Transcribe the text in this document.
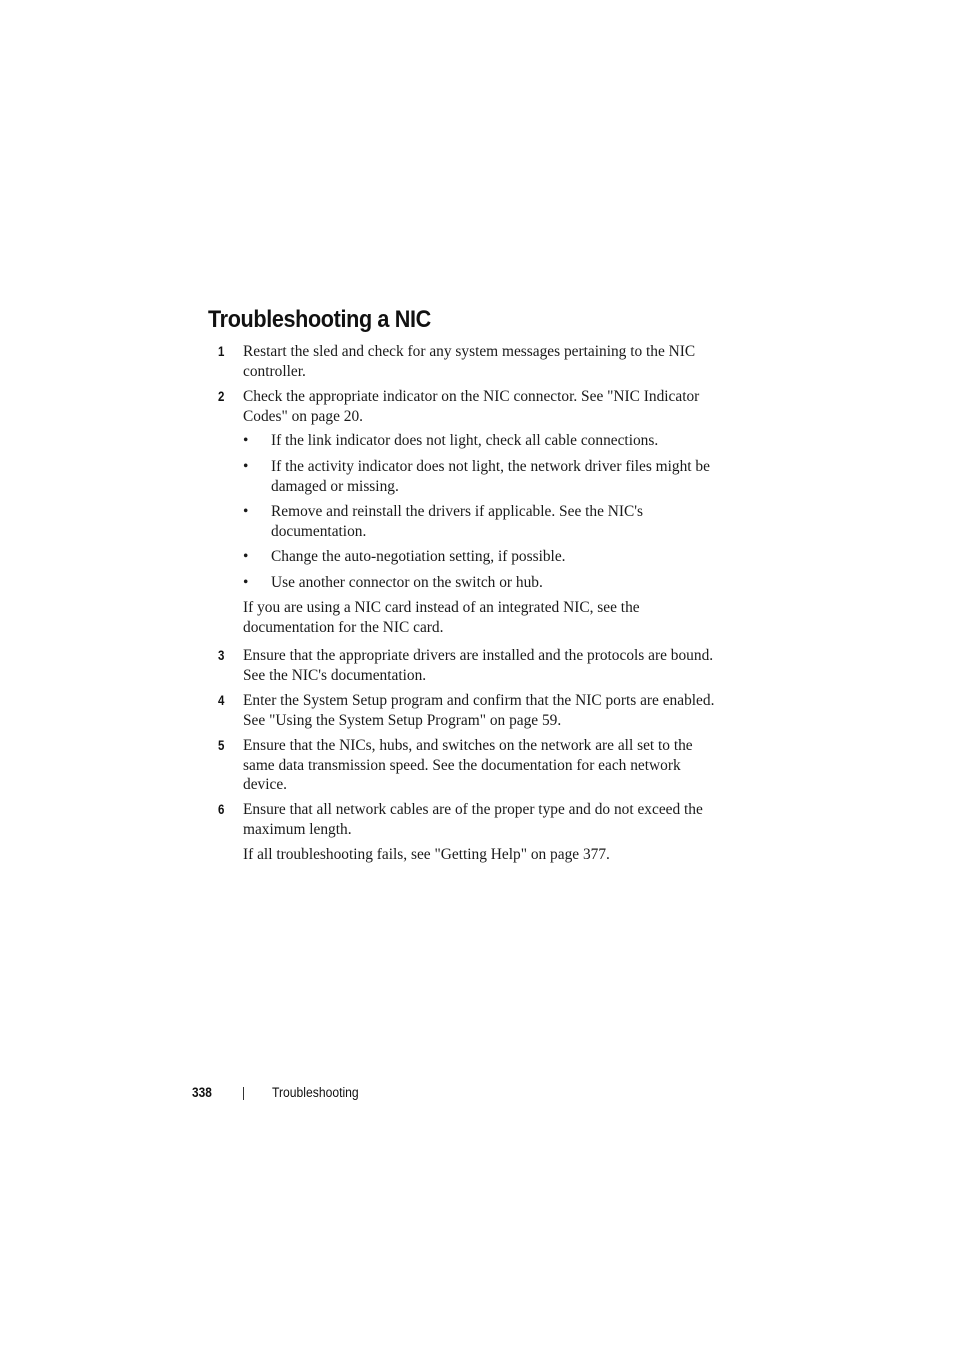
Troubleshooting a NIC
1 Restart the sled and check for any system messages pertaining to the NIC controller.
2 Check the appropriate indicator on the NIC connector. See "NIC Indicator Codes" on page 20.
• If the link indicator does not light, check all cable connections.
• If the activity indicator does not light, the network driver files might be damaged or missing.
• Remove and reinstall the drivers if applicable. See the NIC's documentation.
• Change the auto-negotiation setting, if possible.
• Use another connector on the switch or hub.
If you are using a NIC card instead of an integrated NIC, see the documentation for the NIC card.
3 Ensure that the appropriate drivers are installed and the protocols are bound. See the NIC's documentation.
4 Enter the System Setup program and confirm that the NIC ports are enabled. See "Using the System Setup Program" on page 59.
5 Ensure that the NICs, hubs, and switches on the network are all set to the same data transmission speed. See the documentation for each network device.
6 Ensure that all network cables are of the proper type and do not exceed the maximum length.
If all troubleshooting fails, see "Getting Help" on page 377.
338	Troubleshooting
